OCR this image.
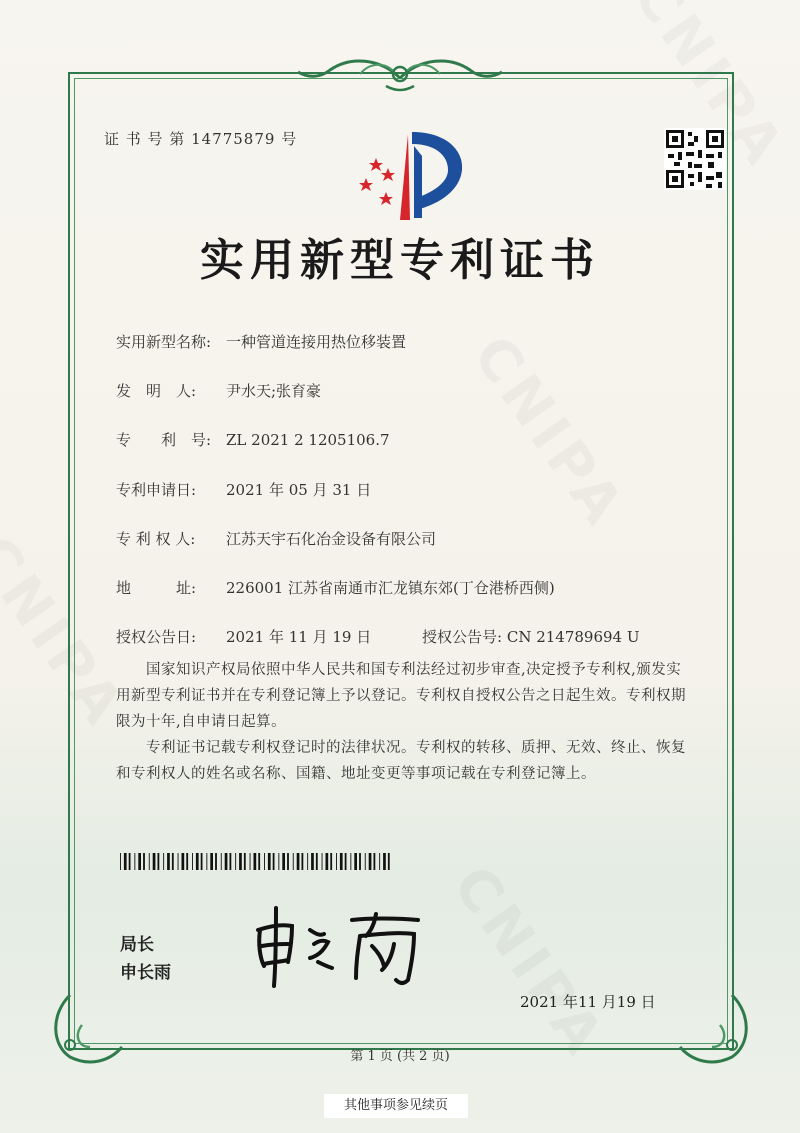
证 书 号 第 14775879 号
实用新型专利证书
实用新型名称: 一种管道连接用热位移装置
发　明　人: 尹水天;张育豪
专　　利　号: ZL 2021 2 1205106.7
专利申请日: 2021 年 05 月 31 日
专 利 权 人: 江苏天宇石化冶金设备有限公司
地　　　址: 226001 江苏省南通市汇龙镇东郊(丁仓港桥西侧)
授权公告日: 2021 年 11 月 19 日	授权公告号: CN 214789694 U
国家知识产权局依照中华人民共和国专利法经过初步审查,决定授予专利权,颁发实用新型专利证书并在专利登记簿上予以登记。专利权自授权公告之日起生效。专利权期限为十年,自申请日起算。
专利证书记载专利权登记时的法律状况。专利权的转移、质押、无效、终止、恢复和专利权人的姓名或名称、国籍、地址变更等事项记载在专利登记簿上。
局长
申长雨
2021 年11 月19 日
第 1 页 (共 2 页)
其他事项参见续页
